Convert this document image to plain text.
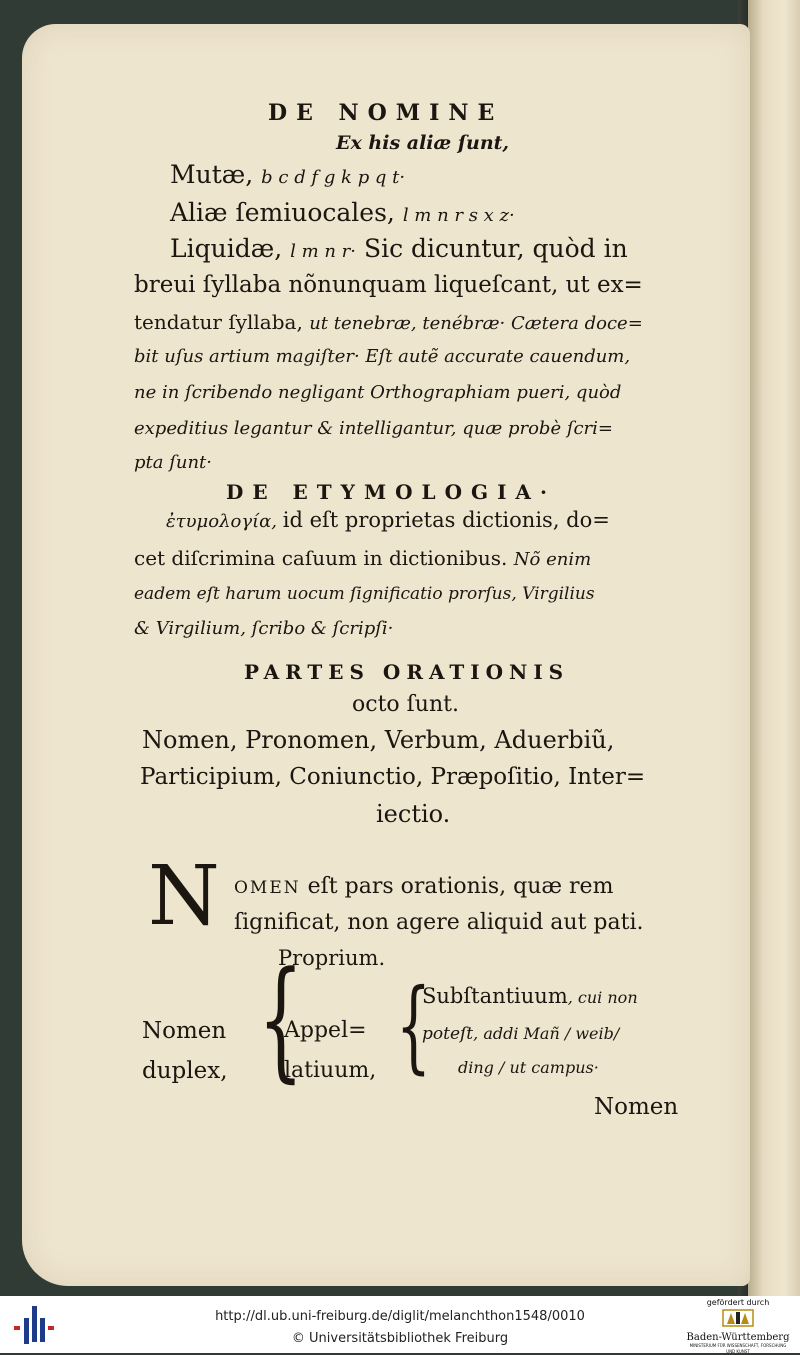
DE NOMINE
Ex his aliæ ſunt,
Mutæ, b c d f g k p q t·
Aliæ ſemiuocales, l m n r s x z·
Liquidæ, l m n r· Sic dicuntur, quòd in
breui ſyllaba nõnunquam liqueſcant, ut ex=
tendatur ſyllaba, ut tenebræ, tenébræ· Cætera doce=
bit uſus artium magiſter· Eſt autẽ accurate cauendum,
ne in ſcribendo negligant Orthographiam pueri, quòd
expeditius legantur & intelligantur, quæ probè ſcri=
pta ſunt·
DE ETYMOLOGIA·
ἐτυμολογία, id eſt proprietas dictionis, do=
cet diſcrimina caſuum in dictionibus. Nõ enim
eadem eſt harum uocum ſignificatio prorſus, Virgilius
& Virgilium, ſcribo & ſcripſi·
PARTES ORATIONIS
octo ſunt.
Nomen, Pronomen, Verbum, Aduerbiũ,
Participium, Coniunctio, Præpoſitio, Inter=
iectio.
N OMEN eſt pars orationis, quæ rem
ſignificat, non agere aliquid aut pati.
Proprium.
{
Nomen
duplex,
Appel=
latiuum, {
Subſtantiuum, cui non
poteſt, addi Mañ / weib/
ding / ut campus·
Nomen
http://dl.ub.uni-freiburg.de/diglit/melanchthon1548/0010
© Universitätsbibliothek Freiburg
gefördert durch
Baden-Württemberg
MINISTERIUM FÜR WISSENSCHAFT, FORSCHUNG UND KUNST
